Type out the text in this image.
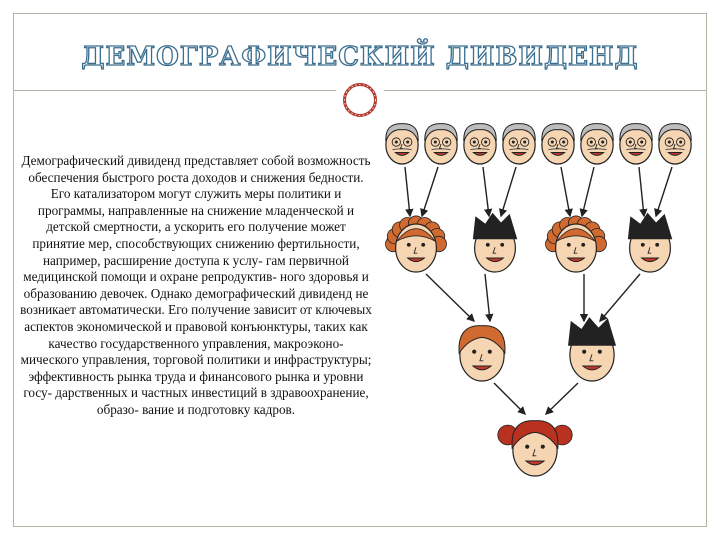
ДЕМОГРАФИЧЕСКИЙ ДИВИДЕНД

Демографический дивиденд представляет собой возможность обеспечения быстрого роста доходов и снижения бедности. Его катализатором могут служить меры политики и программы, направленные на снижение младенческой и детской смертности, а ускорить его получение может принятие мер, способствующих снижению фертильности, например, расширение доступа к услу- гам первичной медицинской помощи и охране репродуктив- ного здоровья и образованию девочек. Однако демографический дивиденд не возникает автоматически. Его получение зависит от ключевых аспектов экономической и правовой конъюнктуры, таких как качество государственного управления, макроэконо- мического управления, торговой политики и инфраструктуры; эффективность рынка труда и финансового рынка и уровни госу- дарственных и частных инвестиций в здравоохранение, образо- вание и подготовку кадров.
